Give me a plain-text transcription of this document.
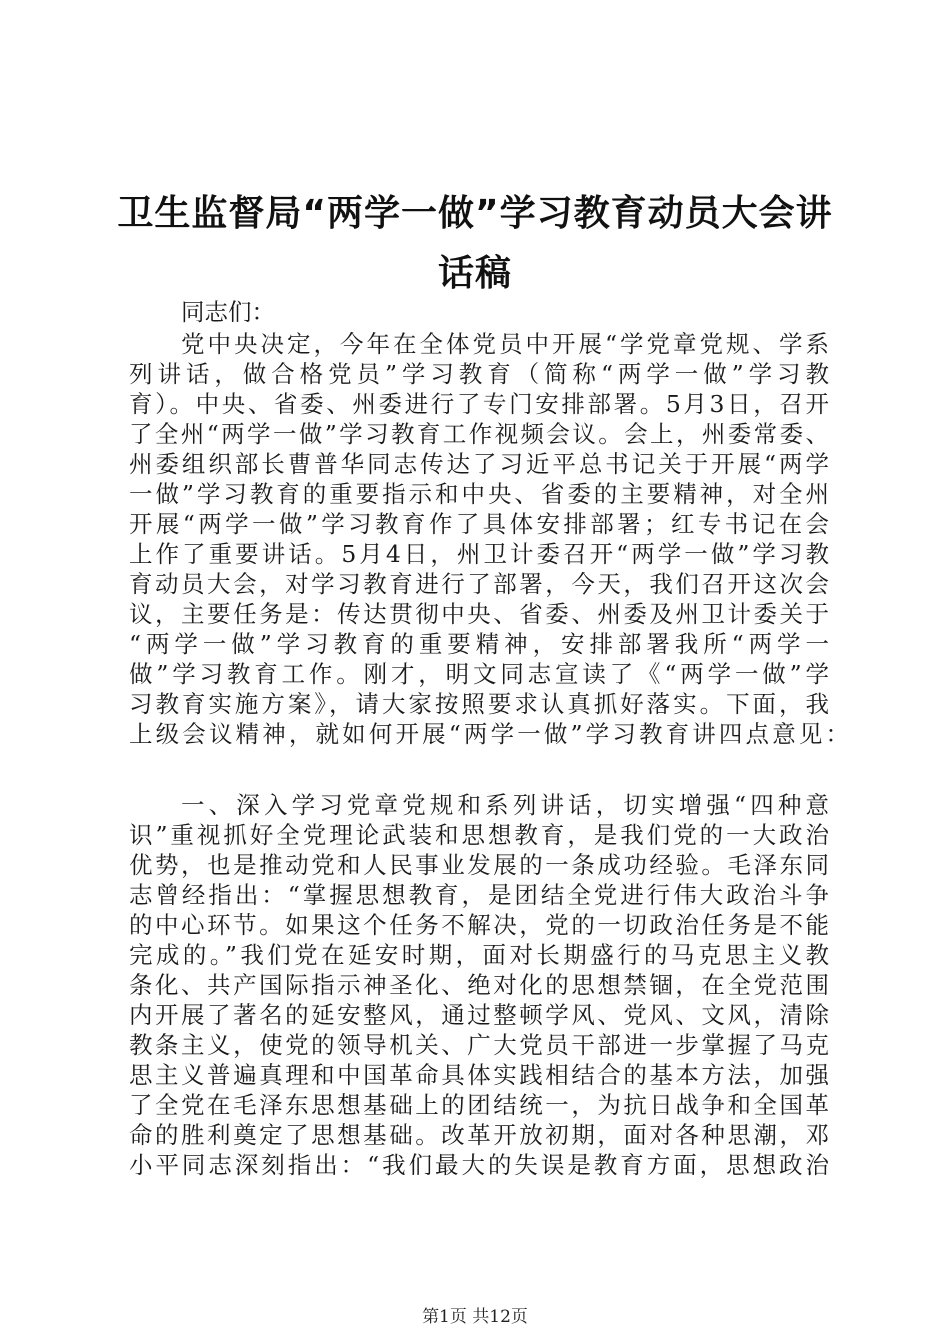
卫生监督局“两学一做”学习教育动员大会讲
话稿
同志们：
党中央决定，今年在全体党员中开展“学党章党规、学系
列讲话，做合格党员”学习教育（简称“两学一做”学习教
育）。中央、省委、州委进行了专门安排部署。5月3日，召开
了全州“两学一做”学习教育工作视频会议。会上，州委常委、
州委组织部长曹普华同志传达了习近平总书记关于开展“两学
一做”学习教育的重要指示和中央、省委的主要精神，对全州
开展“两学一做”学习教育作了具体安排部署；红专书记在会
上作了重要讲话。5月4日，州卫计委召开“两学一做”学习教
育动员大会，对学习教育进行了部署，今天，我们召开这次会
议，主要任务是：传达贯彻中央、省委、州委及州卫计委关于
“两学一做”学习教育的重要精神，安排部署我所“两学一
做”学习教育工作。刚才，明文同志宣读了《“两学一做”学
习教育实施方案》，请大家按照要求认真抓好落实。下面，我
上级会议精神，就如何开展“两学一做”学习教育讲四点意见：
一、深入学习党章党规和系列讲话，切实增强“四种意
识”重视抓好全党理论武装和思想教育，是我们党的一大政治
优势，也是推动党和人民事业发展的一条成功经验。毛泽东同
志曾经指出：“掌握思想教育，是团结全党进行伟大政治斗争
的中心环节。如果这个任务不解决，党的一切政治任务是不能
完成的。”我们党在延安时期，面对长期盛行的马克思主义教
条化、共产国际指示神圣化、绝对化的思想禁锢，在全党范围
内开展了著名的延安整风，通过整顿学风、党风、文风，清除
教条主义，使党的领导机关、广大党员干部进一步掌握了马克
思主义普遍真理和中国革命具体实践相结合的基本方法，加强
了全党在毛泽东思想基础上的团结统一，为抗日战争和全国革
命的胜利奠定了思想基础。改革开放初期，面对各种思潮，邓
小平同志深刻指出：“我们最大的失误是教育方面，思想政治
第1页 共12页
